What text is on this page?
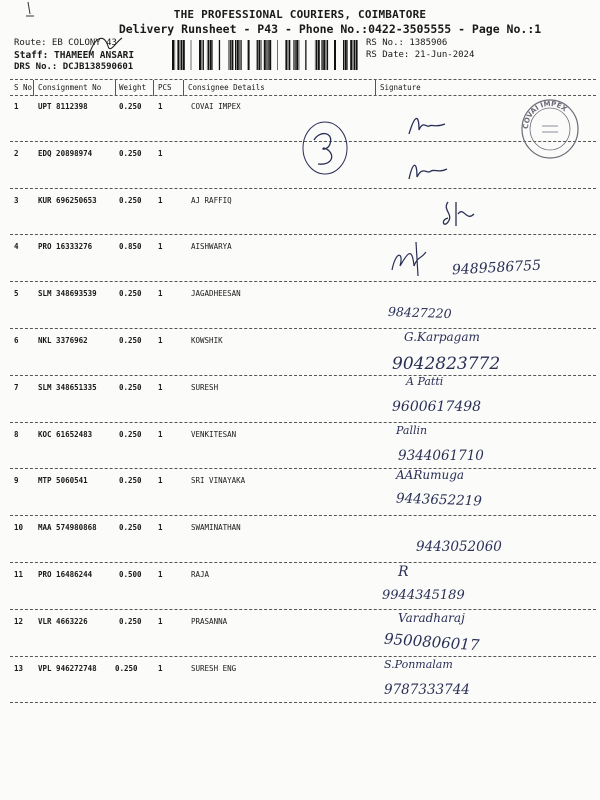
THE PROFESSIONAL COURIERS, COIMBATORE
Delivery Runsheet - P43 - Phone No.:0422-3505555 - Page No.:1
Route: EB COLONY 43
Staff: THAMEEM ANSARI
DRS No.: DCJB138590601
RS No.: 1385906
RS Date: 21-Jun-2024
S No Consignment No Weight PCS Consignee Details	Signature
1	UPT 8112398	0.250 1	COVAI IMPEX
2	EDQ 20898974	0.250 1
3	KUR 696250653	0.250 1	AJ RAFFIQ
4	PRO 16333276	0.850 1	AISHWARYA
9489586755
5	SLM 348693539	0.250 1	JAGADHEESAN
98427220
6	NKL 3376962	0.250 1	KOWSHIK
9042823772
G.Karpagam
7	SLM 348651335	0.250 1	SURESH
9600617498
A Patti
8	KOC 61652483	0.250 1	VENKITESAN
9344061710
Pallin
9	MTP 5060541	0.250 1	SRI VINAYAKA
9443652219
AARumuga
10 MAA 574980868	0.250 1	SWAMINATHAN
9443052060
11 PRO 16486244	0.500 1	RAJA
9944345189
R
12 VLR 4663226	0.250 1	PRASANNA
9500806017
Varadharaj
13 VPL 946272748 0.250	1	SURESH ENG
9787333744
S.Ponmalam
COVAI IMPEX
